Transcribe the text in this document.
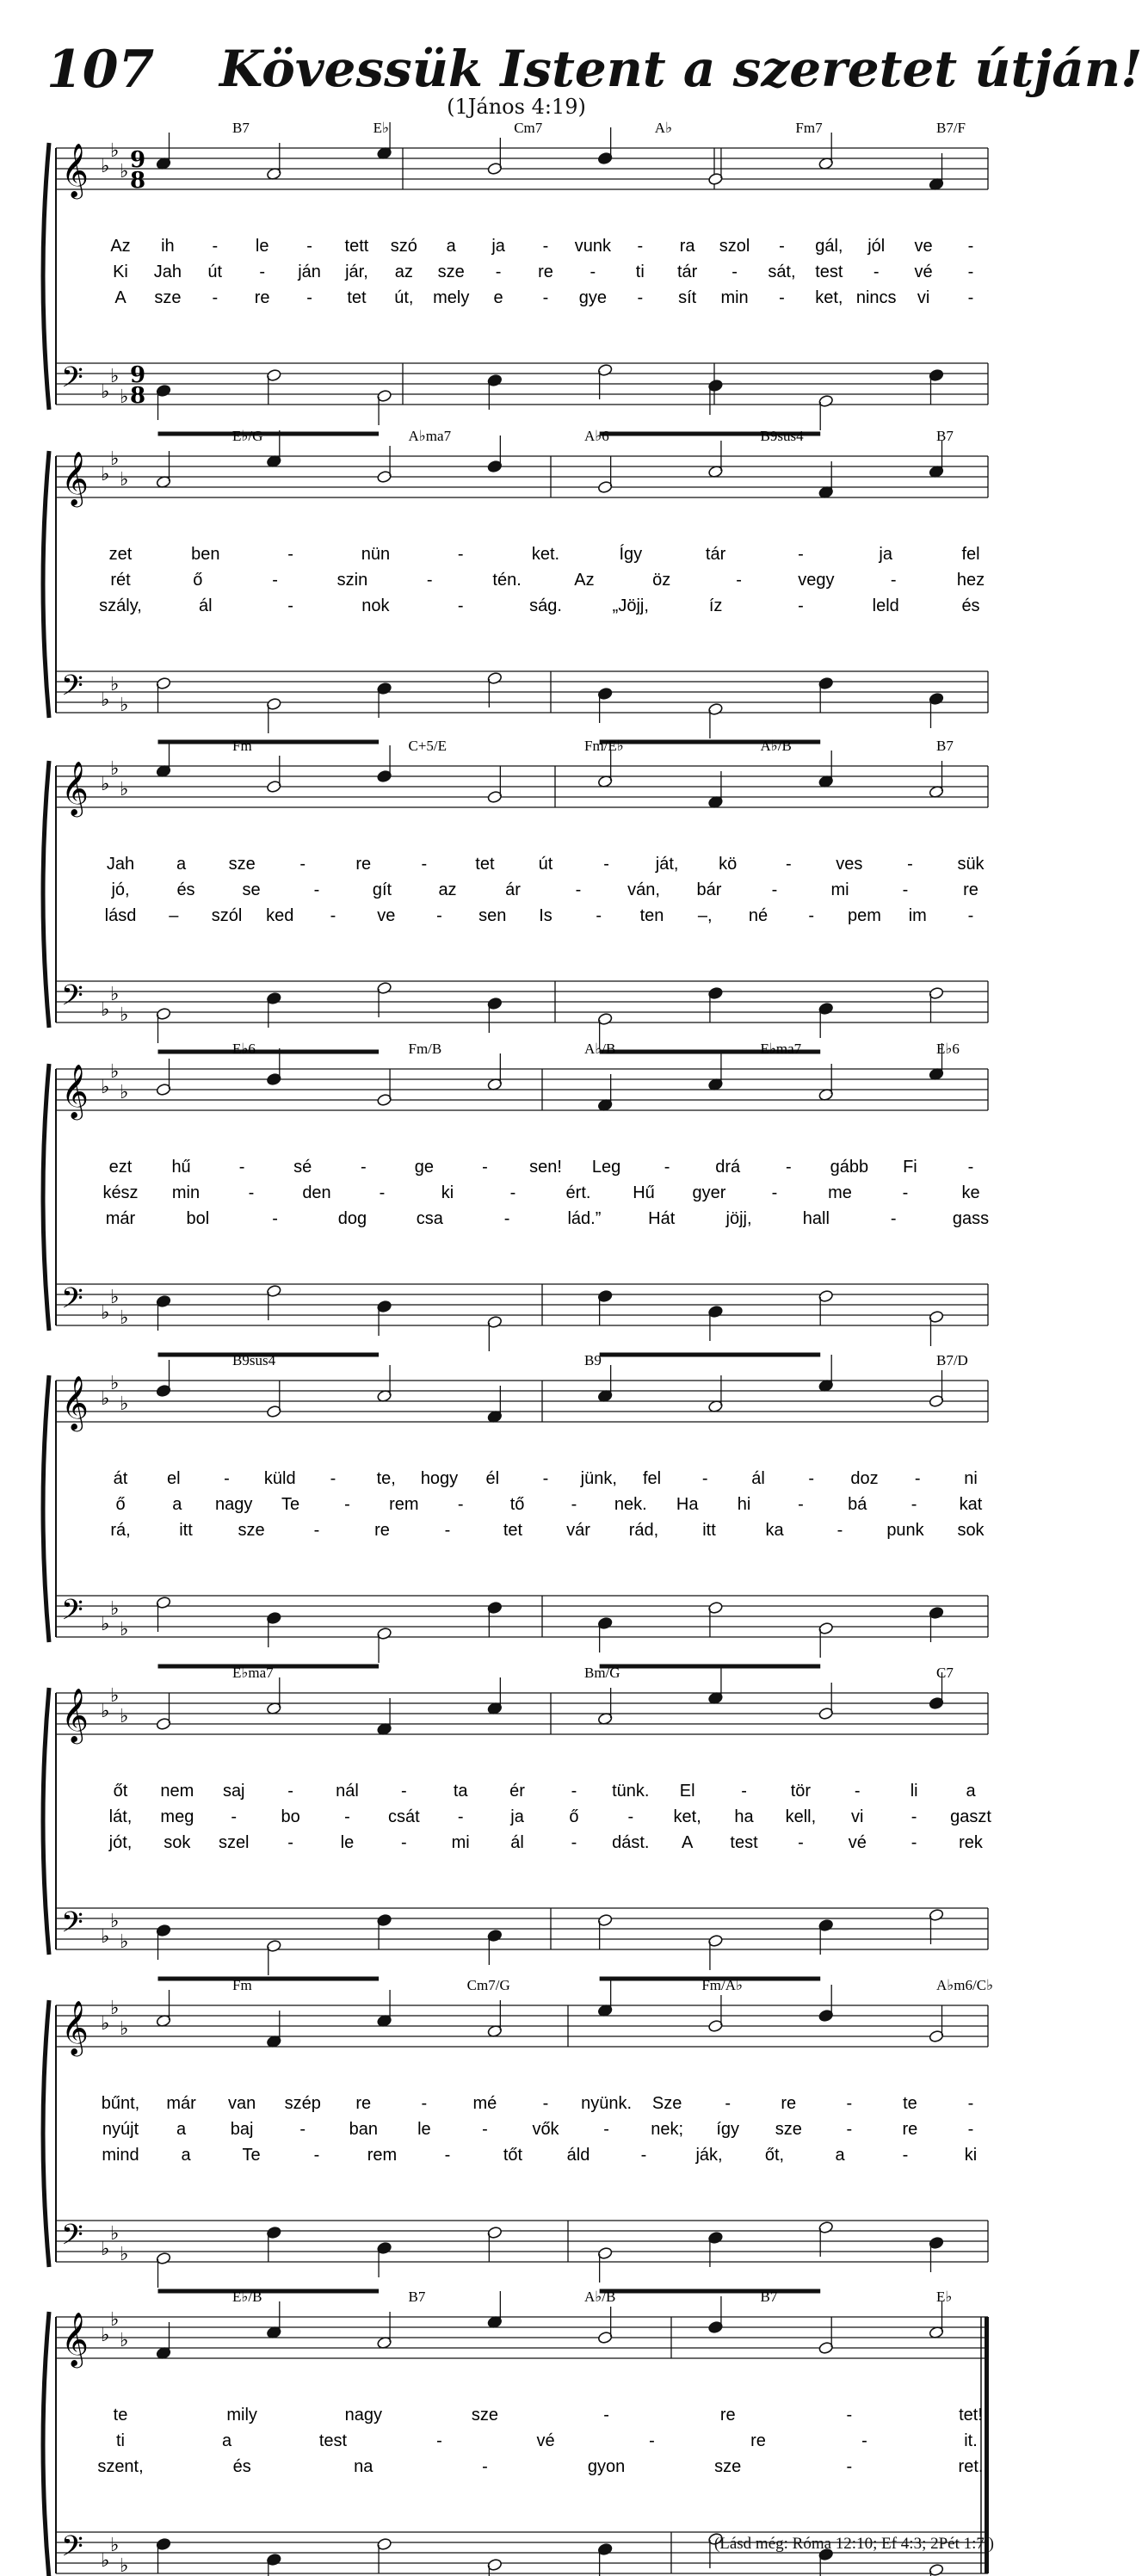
107 Kövessük Istent a szeretet útján!
(1János 4:19)
𝄞
𝄢
♭
♭
♭
♭
♭
♭
9
8
9
8
B7	E♭	Cm7	A♭	Fm7	B7/F
Az ih - le - tett szó a ja - vunk - ra szol - gál, jól ve -
Ki Jah út - ján jár, az sze - re - ti tár - sát, test - vé -
A sze - re - tet út, mely e - gye - sít min - ket, nincs vi -
𝄞
𝄢
♭
♭
♭
♭
♭
♭
E♭/G	A♭ma7	A♭6	B9sus4	B7
zet	ben	-	nün	-	ket.	Így	tár	-	ja	fel
rét	ő	-	szin	-	tén.	Az	öz	-	vegy	-	hez
szály,	ál	-	nok	-	ság.	„Jöjj,	íz	-	leld	és
𝄞
𝄢
♭
♭
♭
♭
♭
♭
Fm	C+5/E	Fm/E♭	A♭/B	B7
Jah a sze	-	re	-	tet	út	-	ját, kö	-	ves	-	sük
jó,	és	se	-	gít	az	ár	-	ván, bár	-	mi	-	re
lásd – szól ked - ve - sen Is	- ten –, né - pem im -
𝄞
𝄢
♭
♭
♭
♭
♭
♭
E♭6	Fm/B	A♭/B	E♭ma7	E♭6
ezt hű	-	sé	-	ge	- sen! Leg	-	drá	- gább Fi	-
kész min	-	den	-	ki	-	ért. Hű gyer	-	me	-	ke
már	bol	-	dog	csa	-	lád.”	Hát	jöjj,	hall	-	gass
𝄞
𝄢
♭
♭
♭
♭
♭
♭
B9sus4	B9	B7/D
át el	- küld - te, hogy él	- jünk, fel -	ál	- doz -	ni
ő	a nagy Te	- rem -	tő	- nek. Ha hi	-	bá	- kat
rá,	itt	sze	-	re	-	tet	vár rád,	itt	ka	-	punk sok
𝄞
𝄢
♭
♭
♭
♭
♭
♭
E♭ma7	Bm/G	C7
őt nem saj - nál -	ta ér	- tünk. El	-	tör	-	li	a
lát, meg -	bo	- csát -	ja	ő	- ket, ha kell, vi	- gaszt
jót, sok szel -	le	-	mi ál	- dást. A test -	vé	- rek
𝄞
𝄢
♭
♭
♭
♭
♭
♭
Fm	Cm7/G	Fm/A♭	A♭m6/C♭
bűnt, már van szép re	-	mé	- nyünk. Sze	-	re	-	te	-
nyújt a	baj	-	ban le	-	vők	- nek; így sze	-	re	-
mind a	Te	-	rem	-	tőt	áld	-	ják, őt,	a	-	ki
𝄞
𝄢
♭
♭
♭
♭
♭
♭
E♭/B	B7	A♭/B	B7	E♭
te	mily	nagy	sze	-	re	-	tet!
ti	a	test	-	vé	-	re	-	it.
szent,	és	na	-	gyon	sze	-	ret.
(Lásd még: Róma 12:10; Ef 4:3; 2Pét 1:7.)
